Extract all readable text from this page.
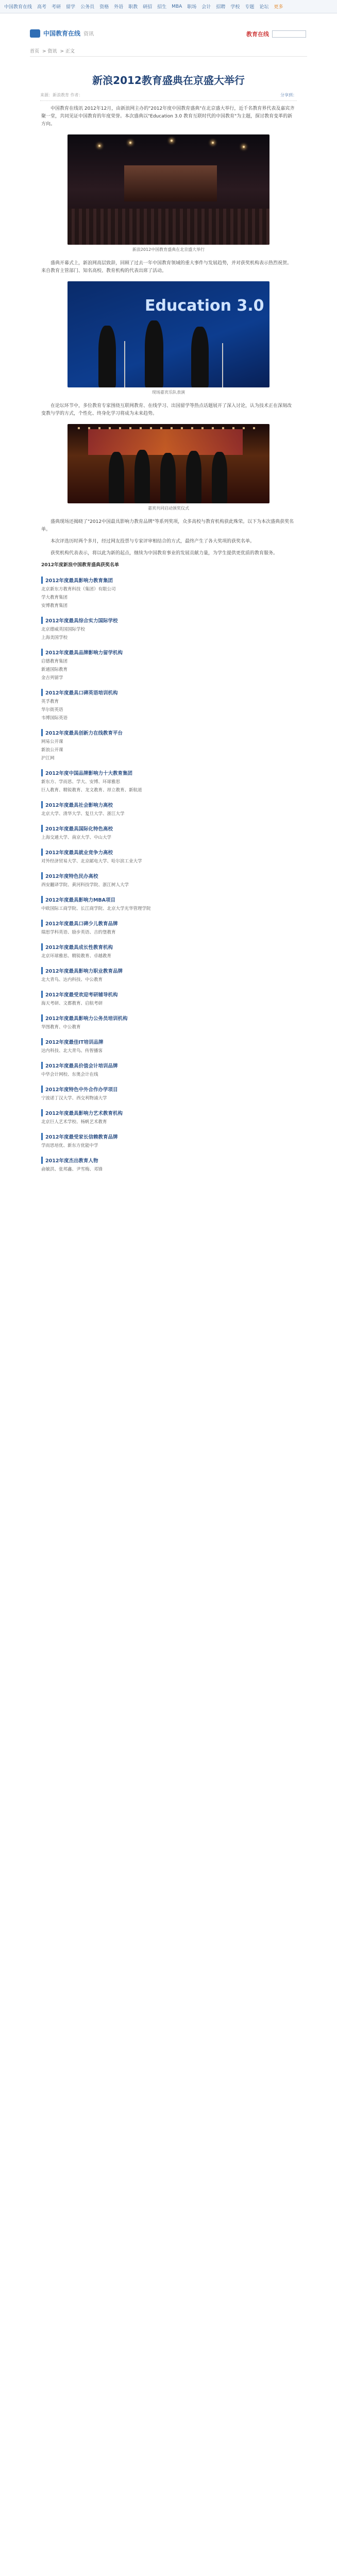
中国教育在线 高考 考研 留学 公务员 资格 外语 职教 研招 招生 MBA 职场 会计 招聘 学校 专题 论坛 更多
中国教育在线 资讯	教育在线
首页 > 资讯 > 正文
新浪2012教育盛典在京盛大举行
来源：新浪教育 作者：	分享到：

中国教育在线讯 2012年12月，由新浪网主办的"2012年度中国教育盛典"在北京盛大举行，近千名教育界代表及嘉宾齐聚一堂，共同见证中国教育的年度荣誉。本次盛典以"Education 3.0 教育互联时代的中国教育"为主题，探讨教育变革的新方向。

新浪2012中国教育盛典在北京盛大举行

盛典开幕式上，新浪网高层致辞，回顾了过去一年中国教育领域的重大事件与发展趋势，并对获奖机构表示热烈祝贺。来自教育主管部门、知名高校、教育机构的代表出席了活动。

Education 3.0
现场嘉宾乐队表演

在论坛环节中，多位教育专家围绕互联网教育、在线学习、出国留学等热点话题展开了深入讨论，认为技术正在深刻改变教与学的方式，个性化、终身化学习将成为未来趋势。

嘉宾共同启动颁奖仪式

盛典现场还揭晓了"2012中国最具影响力教育品牌"等系列奖项，众多高校与教育机构获此殊荣。以下为本次盛典获奖名单。

本次评选历时两个多月，经过网友投票与专家评审相结合的方式，最终产生了各大奖项的获奖名单。

获奖机构代表表示，将以此为新的起点，继续为中国教育事业的发展贡献力量，为学生提供更优质的教育服务。

2012年度新浪中国教育盛典获奖名单

2012年度最具影响力教育集团
北京新东方教育科技（集团）有限公司
学大教育集团
安博教育集团
2012年度最具综合实力国际学校
北京德威英国国际学校
上海美国学校
2012年度最具品牌影响力留学机构
启德教育集团
新通国际教育
金吉列留学
2012年度最具口碑英语培训机构
英孚教育
华尔街英语
韦博国际英语
2012年度最具创新力在线教育平台
网易公开课
新浪公开课
沪江网
2012年度中国品牌影响力十大教育集团
新东方、学而思、学大、安博、环球雅思
巨人教育、精锐教育、龙文教育、昂立教育、新航道
2012年度最具社会影响力高校
北京大学、清华大学、复旦大学、浙江大学
2012年度最具国际化特色高校
上海交通大学、南京大学、中山大学
2012年度最具就业竞争力高校
对外经济贸易大学、北京邮电大学、哈尔滨工业大学
2012年度特色民办高校
西安翻译学院、黄河科技学院、浙江树人大学
2012年度最具影响力MBA项目
中欧国际工商学院、长江商学院、北京大学光华管理学院
2012年度最具口碑少儿教育品牌
瑞思学科英语、励步英语、吉的堡教育
2012年度最具成长性教育机构
北京环球雅思、精锐教育、卓越教育
2012年度最具影响力职业教育品牌
北大青鸟、达内科技、中公教育
2012年度最受欢迎考研辅导机构
海天考研、文都教育、启航考研
2012年度最具影响力公务员培训机构
华图教育、中公教育
2012年度最佳IT培训品牌
达内科技、北大青鸟、传智播客
2012年度最具价值会计培训品牌
中华会计网校、东奥会计在线
2012年度特色中外合作办学项目
宁波诺丁汉大学、西交利物浦大学
2012年度最具影响力艺术教育机构
北京巨人艺术学校、杨帆艺术教育
2012年度最受家长信赖教育品牌
学而思培优、新东方优能中学
2012年度杰出教育人物
俞敏洪、张邦鑫、尹雪梅、邓锋
